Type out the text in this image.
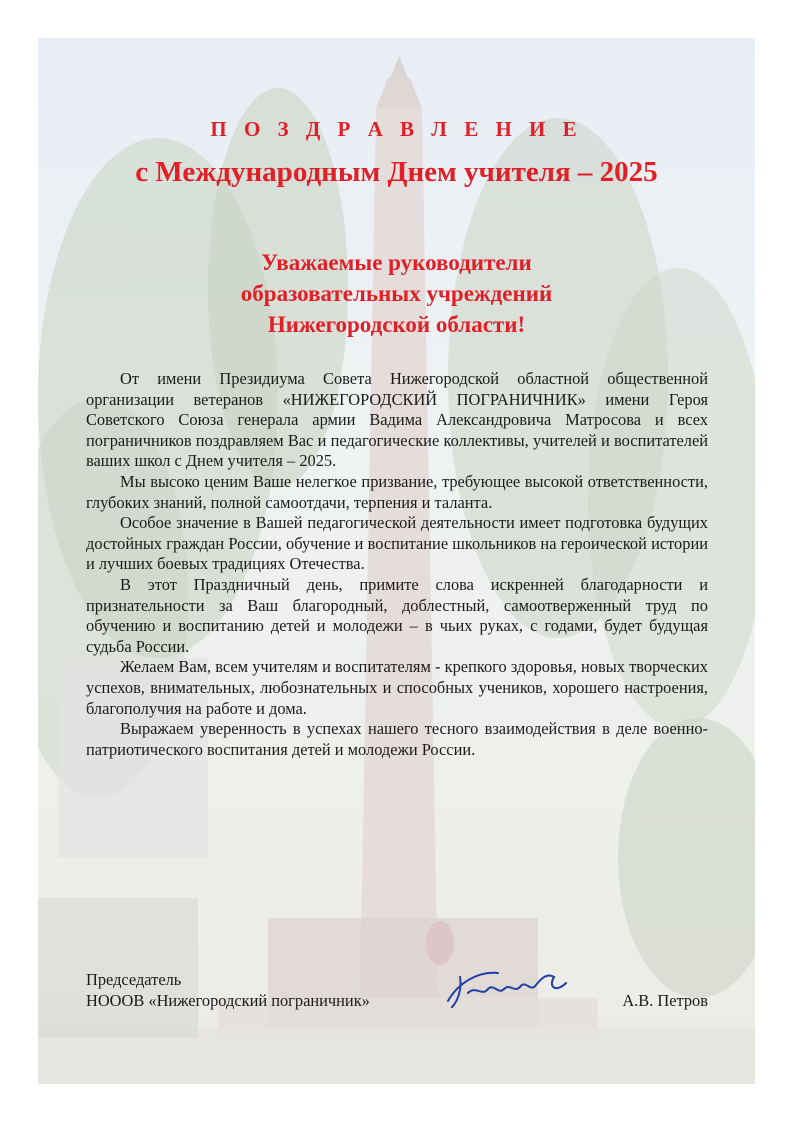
П О З Д Р А В Л Е Н И Е
с Международным Днем учителя – 2025
Уважаемые руководители
образовательных учреждений
Нижегородской области!

От имени Президиума Совета Нижегородской областной общественной организации ветеранов «НИЖЕГОРОДСКИЙ ПОГРАНИЧНИК» имени Героя Советского Союза генерала армии Вадима Александровича Матросова и всех пограничников поздравляем Вас и педагогические коллективы, учителей и воспитателей ваших школ с Днем учителя – 2025.

Мы высоко ценим Ваше нелегкое призвание, требующее высокой ответственности, глубоких знаний, полной самоотдачи, терпения и таланта.

Особое значение в Вашей педагогической деятельности имеет подготовка будущих достойных граждан России, обучение и воспитание школьников на героической истории и лучших боевых традициях Отечества.

В этот Праздничный день, примите слова искренней благодарности и признательности за Ваш благородный, доблестный, самоотверженный труд по обучению и воспитанию детей и молодежи – в чьих руках, с годами, будет будущая судьба России.

Желаем Вам, всем учителям и воспитателям - крепкого здоровья, новых творческих успехов, внимательных, любознательных и способных учеников, хорошего настроения, благополучия на работе и дома.

Выражаем уверенность в успехах нашего тесного взаимодействия в деле военно-патриотического воспитания детей и молодежи России.

Председатель
НОООВ «Нижегородский пограничник»	А.В. Петров
